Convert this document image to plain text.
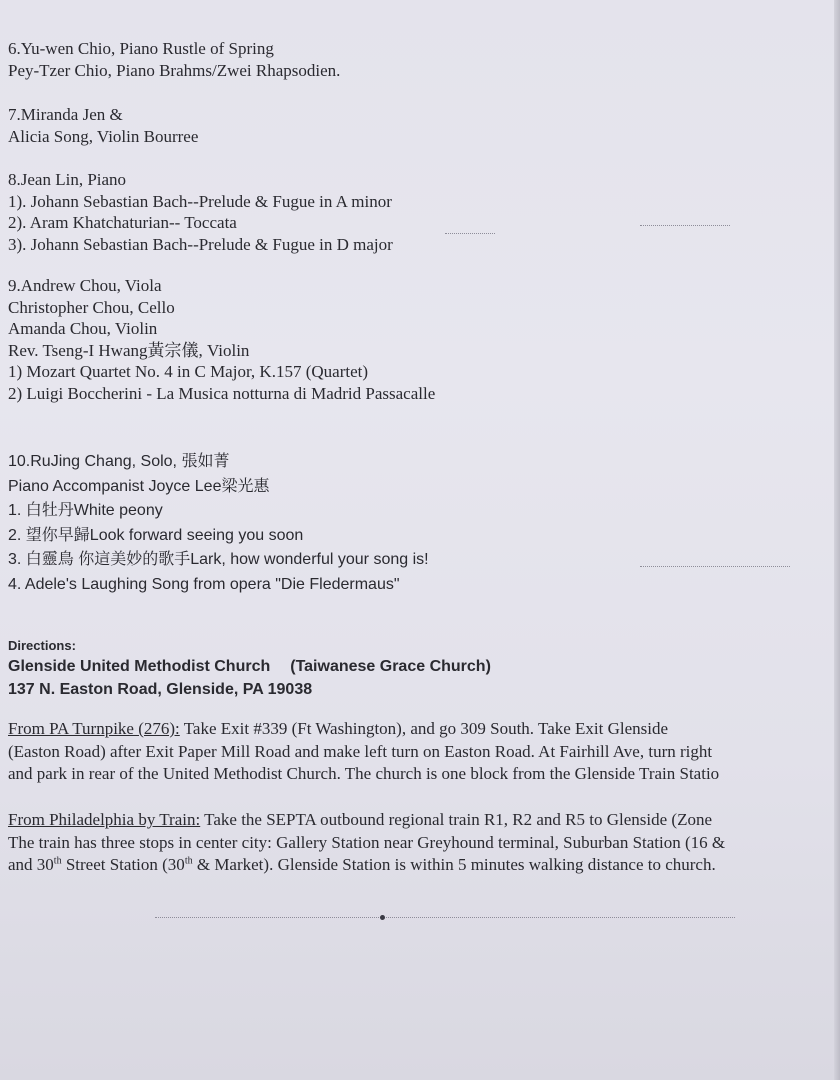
6.Yu-wen Chio, Piano Rustle of Spring
Pey-Tzer Chio, Piano Brahms/Zwei Rhapsodien.
7.Miranda Jen &
Alicia Song, Violin Bourree
8.Jean Lin, Piano
1). Johann Sebastian Bach--Prelude & Fugue in A minor
2). Aram Khatchaturian-- Toccata
3). Johann Sebastian Bach--Prelude & Fugue in D major
9.Andrew Chou, Viola
Christopher Chou, Cello
Amanda Chou, Violin
Rev. Tseng-I Hwang黃宗儀, Violin
1) Mozart Quartet No. 4 in C Major, K.157 (Quartet)
2) Luigi Boccherini - La Musica notturna di Madrid Passacalle
10.RuJing Chang, Solo, 張如菁
Piano Accompanist Joyce Lee梁光惠
1. 白牡丹White peony
2. 望你早歸Look forward seeing you soon
3. 白靈鳥 你這美妙的歌手Lark, how wonderful your song is!
4. Adele's Laughing Song from opera "Die Fledermaus"
Directions:
Glenside United Methodist Church (Taiwanese Grace Church)
137 N. Easton Road, Glenside, PA 19038
From PA Turnpike (276): Take Exit #339 (Ft Washington), and go 309 South. Take Exit Glenside
(Easton Road) after Exit Paper Mill Road and make left turn on Easton Road. At Fairhill Ave, turn right
and park in rear of the United Methodist Church. The church is one block from the Glenside Train Statio
From Philadelphia by Train: Take the SEPTA outbound regional train R1, R2 and R5 to Glenside (Zone
The train has three stops in center city: Gallery Station near Greyhound terminal, Suburban Station (16 &
and 30th Street Station (30th & Market). Glenside Station is within 5 minutes walking distance to church.
